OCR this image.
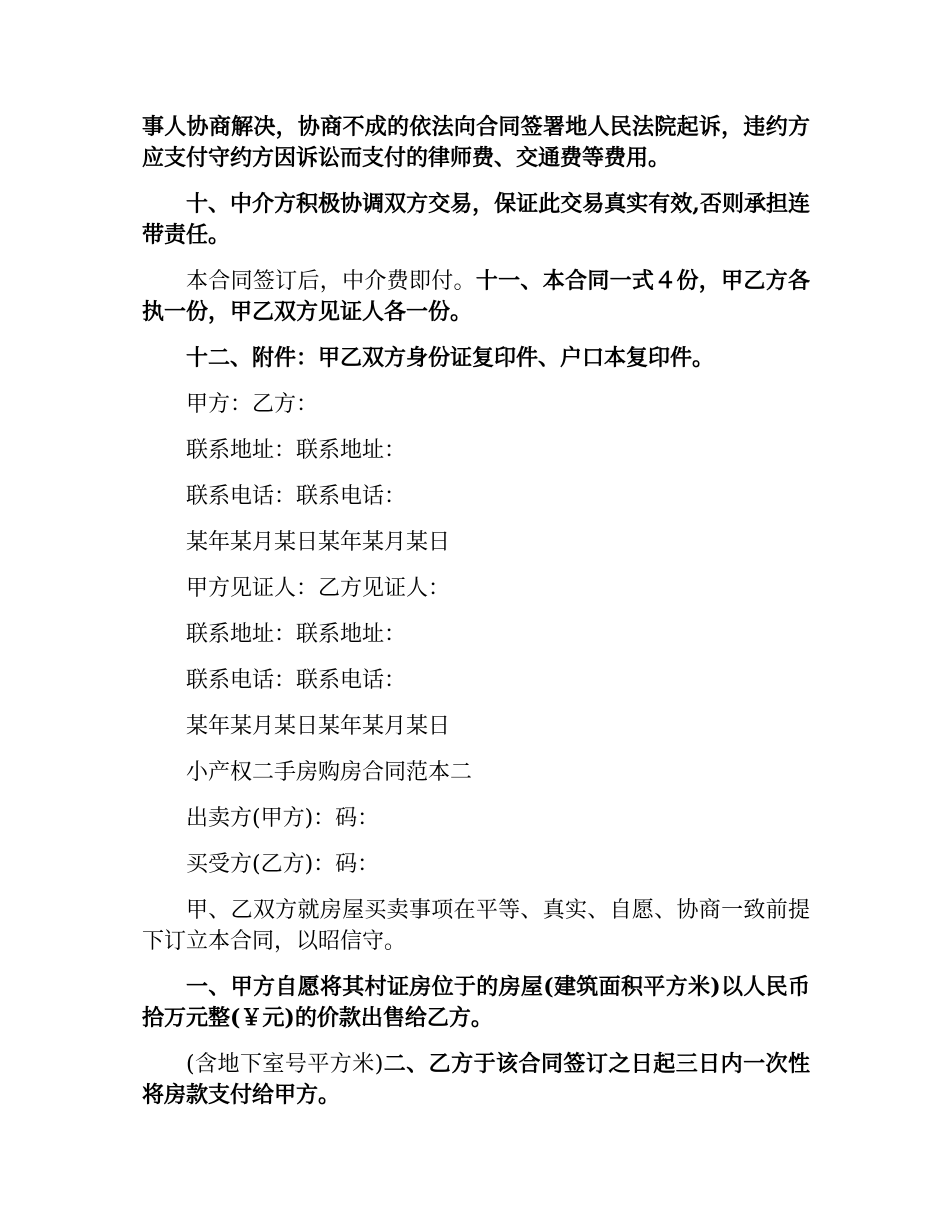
事人协商解决，协商不成的依法向合同签署地人民法院起诉，违约方应支付守约方因诉讼而支付的律师费、交通费等费用。

十、中介方积极协调双方交易，保证此交易真实有效,否则承担连带责任。

本合同签订后，中介费即付。十一、本合同一式４份，甲乙方各执一份，甲乙双方见证人各一份。

十二、附件：甲乙双方身份证复印件、户口本复印件。

甲方：乙方：

联系地址：联系地址：

联系电话：联系电话：

某年某月某日某年某月某日

甲方见证人：乙方见证人：

联系地址：联系地址：

联系电话：联系电话：

某年某月某日某年某月某日

小产权二手房购房合同范本二

出卖方(甲方)：码：

买受方(乙方)：码：

甲、乙双方就房屋买卖事项在平等、真实、自愿、协商一致前提下订立本合同，以昭信守。

一、甲方自愿将其村证房位于的房屋(建筑面积平方米)以人民币拾万元整(￥元)的价款出售给乙方。

(含地下室号平方米)二、乙方于该合同签订之日起三日内一次性将房款支付给甲方。
